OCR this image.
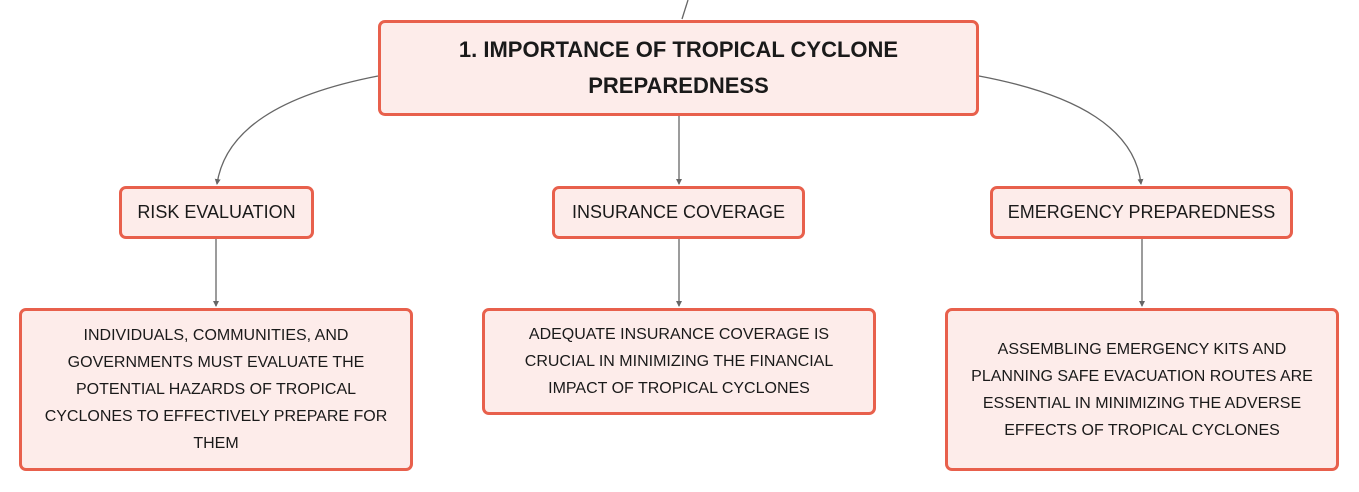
1. IMPORTANCE OF TROPICAL CYCLONE PREPAREDNESS
RISK EVALUATION	INSURANCE COVERAGE	EMERGENCY PREPAREDNESS
INDIVIDUALS, COMMUNITIES, AND GOVERNMENTS MUST EVALUATE THE POTENTIAL HAZARDS OF TROPICAL CYCLONES TO EFFECTIVELY PREPARE FOR THEM
ADEQUATE INSURANCE COVERAGE IS CRUCIAL IN MINIMIZING THE FINANCIAL IMPACT OF TROPICAL CYCLONES
ASSEMBLING EMERGENCY KITS AND PLANNING SAFE EVACUATION ROUTES ARE ESSENTIAL IN MINIMIZING THE ADVERSE EFFECTS OF TROPICAL CYCLONES
